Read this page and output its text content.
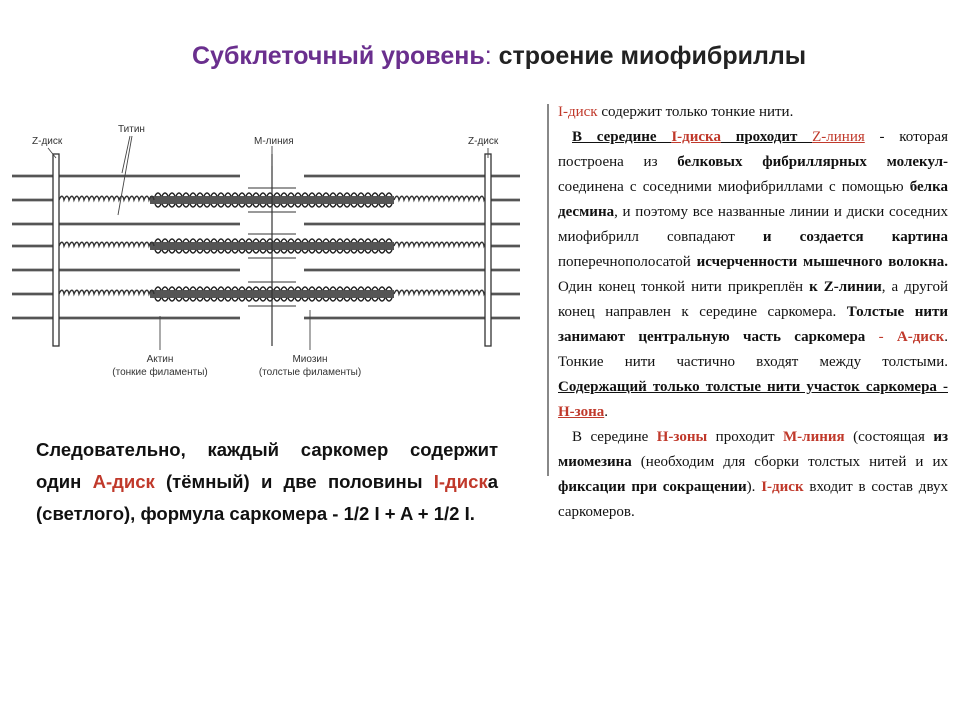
Субклеточный уровень: строение миофибриллы
Z-диск
Титин
М-линия	Z-диск
Актин
(тонкие филаменты)
Миозин
(толстые филаменты)
Следовательно, каждый саркомер содержит один А-диск (тёмный) и две половины I-диска (светлого), формула саркомера - 1/2 I + A + 1/2 I.

I-диск содержит только тонкие нити.

В середине I-диска проходит Z-линия - которая построена из белковых фибриллярных молекул- соединена с соседними миофибриллами с помощью белка десмина, и поэтому все названные линии и диски соседних миофибрилл совпадают и создается картина поперечнополосатой исчерченности мышечного волокна. Один конец тонкой нити прикреплён к Z-линии, а другой конец направлен к середине саркомера. Толстые нити занимают центральную часть саркомера - А-диск. Тонкие нити частично входят между толстыми. Содержащий только толстые нити участок саркомера - Н-зона.

В середине Н-зоны проходит М-линия (состоящая из миомезина (необходим для сборки толстых нитей и их фиксации при сокращении). I-диск входит в состав двух саркомеров.
